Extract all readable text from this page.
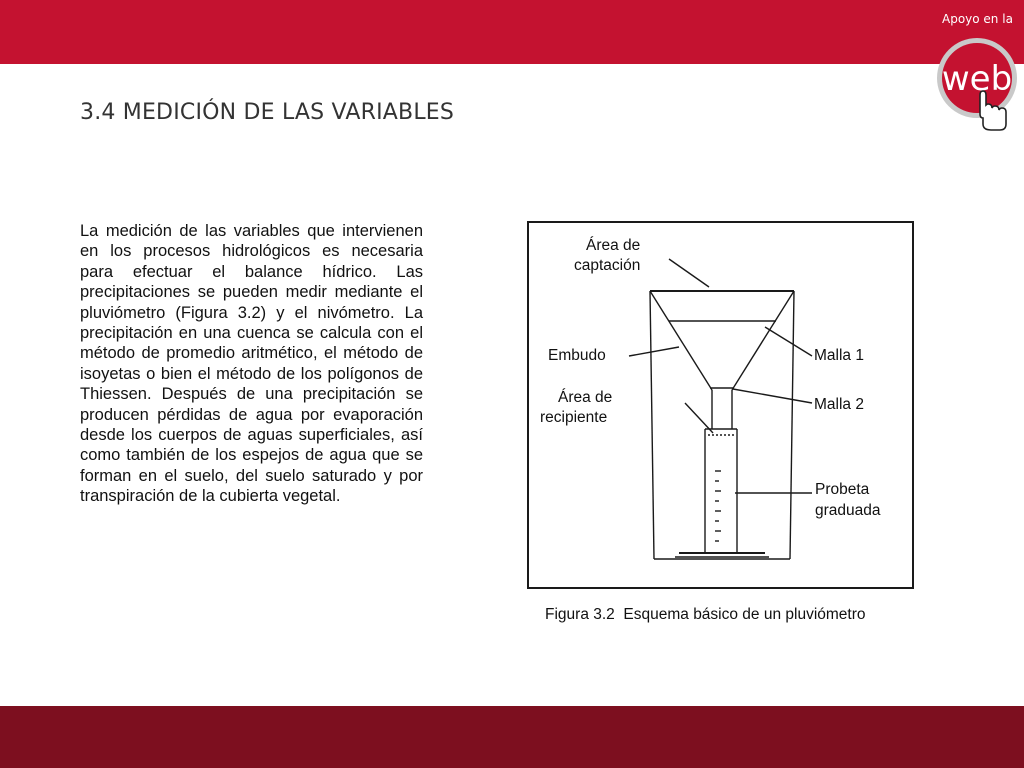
Apoyo en la
web
3.4 MEDICIÓN DE LAS VARIABLES

La medición de las variables que intervienen en los procesos hidrológicos es necesaria para efectuar el balance hídrico. Las precipitaciones se pueden medir mediante el pluviómetro (Figura 3.2) y el nivómetro. La precipitación en una cuenca se calcula con el método de promedio aritmético, el método de isoyetas o bien el método de los polígonos de Thiessen. Después de una precipitación se producen pérdidas de agua por evaporación desde los cuerpos de aguas superficiales, así como también de los espejos de agua que se forman en el suelo, del suelo saturado y por transpiración de la cubierta vegetal.

Área de
captación
Embudo
Área de
recipiente
Malla 1
Malla 2
Probeta
graduada
Figura 3.2  Esquema básico de un pluviómetro
